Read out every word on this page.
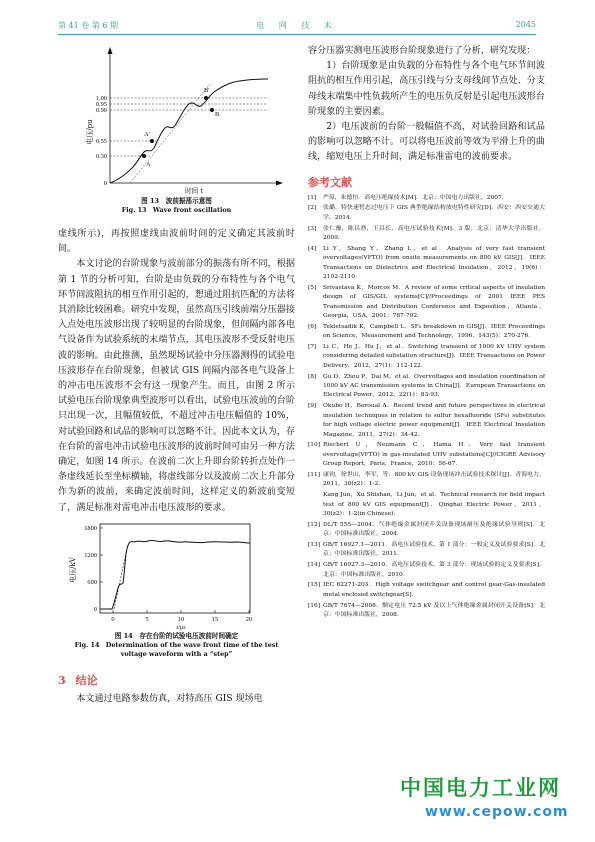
第 41 卷 第 6 期	电 网 技 术	2045
1.00
0.95
0.90
0.55
0.30
0
B'
B
A'
A
电压/pu
时间 t
图 13　波前振荡示意图
Fig. 13　Wave front oscillation

虚线所示)，再按照虚线由波前时间的定义确定其波前时间。

本文讨论的台阶现象与波前部分的振荡有所不同，根据第 1 节的分析可知，台阶是由负载的分布特性与各个电气环节间波阻抗的相互作用引起的，想通过阻抗匹配的方法将其消除比较困难。研究中发现，虽然高压引线前端分压器接入点处电压波形出现了较明显的台阶现象，但间隔内部各电气设备作为试验系统的末端节点，其电压波形不受反射电压波的影响。由此推测，虽然现场试验中分压器测得的试验电压波形存在台阶现象，但被试 GIS 间隔内部各电气设备上的冲击电压波形不会有这一现象产生。而且，由图 2 所示试验电压台阶现象典型波形可以看出，试验电压波前的台阶只出现一次，且幅值较低，不超过冲击电压幅值的 10%，对试验回路和试品的影响可以忽略不计。因此本文认为，存在台阶的雷电冲击试验电压波形的波前时间可由另一种方法确定，如图 14 所示。在波前二次上升即台阶转折点处作一条虚线延长至坐标横轴，将虚线部分以及波前二次上升部分作为新的波前，来确定波前时间，这样定义的新波前变短了，满足标准对雷电冲击电压波形的要求。

1800
1200
600
0
0	5	10	15	20
t/μs
电压/kV
图 14　存在台阶的试验电压波前时间确定
Fig. 14　Determination of the wave front time of the test
voltage waveform with a “step”
3 结论

本文通过电路参数仿真，对特高压 GIS 现场电

容分压器实测电压波形台阶现象进行了分析，研究发现：

1）台阶现象是由负载的分布特性与各个电气环节间波阻抗的相互作用引起，高压引线与分支母线间节点处、分支母线末端集中性负载所产生的电压负反射是引起电压波形台阶现象的主要因素。

2）电压波前的台阶一般幅值不高，对试验回路和试品的影响可以忽略不计。可以将电压波前等效为平滑上升的曲线，缩短电压上升时间，满足标准雷电的波前要求。

参考文献
[1]	严璋，朱德恒．高电压绝缘技术[M]．北京：中国电力出版社，2007．
[2]	张璐．特快速暂态过电压下 GIS 典型绝缘结构放电特性研究[D]．西安：西安交通大学，2014．
[3]	张仁豫，陈昌渔，王昌长．高电压试验技术[M]．3 版．北京：清华大学出版社，2009．
[4]	Li Y，Shang Y，Zhang L，et al．Analysis of very fast transient overvoltages(VFTO) from onsite measurements on 800 kV GIS[J]．IEEE Transactions on Dielectrics and Electrical Insulation，2012，19(6)：2102-2110．
[5]	Srivastava K，Morcos M．A review of some critical aspects of insulation design of GIS/GIL systems[C]//Proceedings of 2001 IEEE PES Transmission and Distribution Conference and Exposition，Atlanta，Georgia，USA，2001：787-792．
[6]	Tekletsadik K，Campbell L．SF₆ breakdown in GIS[J]．IEEE Proceedings on Science，Measurement and Technology，1996，143(5)：270-276．
[7]	Li C，He J，Hu J，et al．Switching transient of 1000 kV UHV system considering detailed substation structure[J]．IEEE Transactions on Power Delivery，2012，27(1)：112-122．
[8]	Gu D，Zhou P，Dai M，et al．Overvoltages and insulation coordination of 1000 kV AC transmission systems in China[J]．European Transactions on Electrical Power，2012，22(1)：83-93．
[9]	Okubo H，Beroual A．Recent trend and future perspectives in electrical insulation techniques in relation to sulfur hexafluoride (SF₆) substitutes for high voltage electric power equipment[J]．IEEE Electrical Insulation Magazine，2011，27(2)：34-42．
[10] Riechert U，Neumann C，Hama H．Very fast transient overvoltage(VFTO) in gas-insulated UHV substations[C]//CIGRE Advisory Group Report，Paris，France，2010：56-67．
[11] 康钧，徐世山，李军，等．800 kV GIS 设备现场冲击试验技术探讨[J]．青海电力，2011，30(z2)：1-2．
Kang Jun，Xu Shishan，Li Jun，et al．Technical research for field impact test of 800 kV GIS equipment[J]．Qinghai Electric Power，2011，30(z2)：1-2(in Chinese)．
[12] DL/T 555—2004．气体绝缘金属封闭开关设备现场耐压及绝缘试验导则[S]．北京：中国标准出版社，2004．
[13] GB/T 16927.1—2011．高电压试验技术，第 1 部分：一般定义及试验要求[S]．北京：中国标准出版社，2011．
[14] GB/T 16927.3—2010．高电压试验技术，第 3 部分：现场试验的定义及要求[S]．北京：中国标准出版社，2010．
[15] IEC 62271-203．High voltage switchgear and control gear-Gas-insulated metal enclosed switchgear[S]．
[16] GB/T 7674—2008．额定电压 72.5 kV 及以上气体绝缘金属封闭开关设备[S]．北京：中国标准出版社，2008．
中国电力工业网
www.cepow.com
